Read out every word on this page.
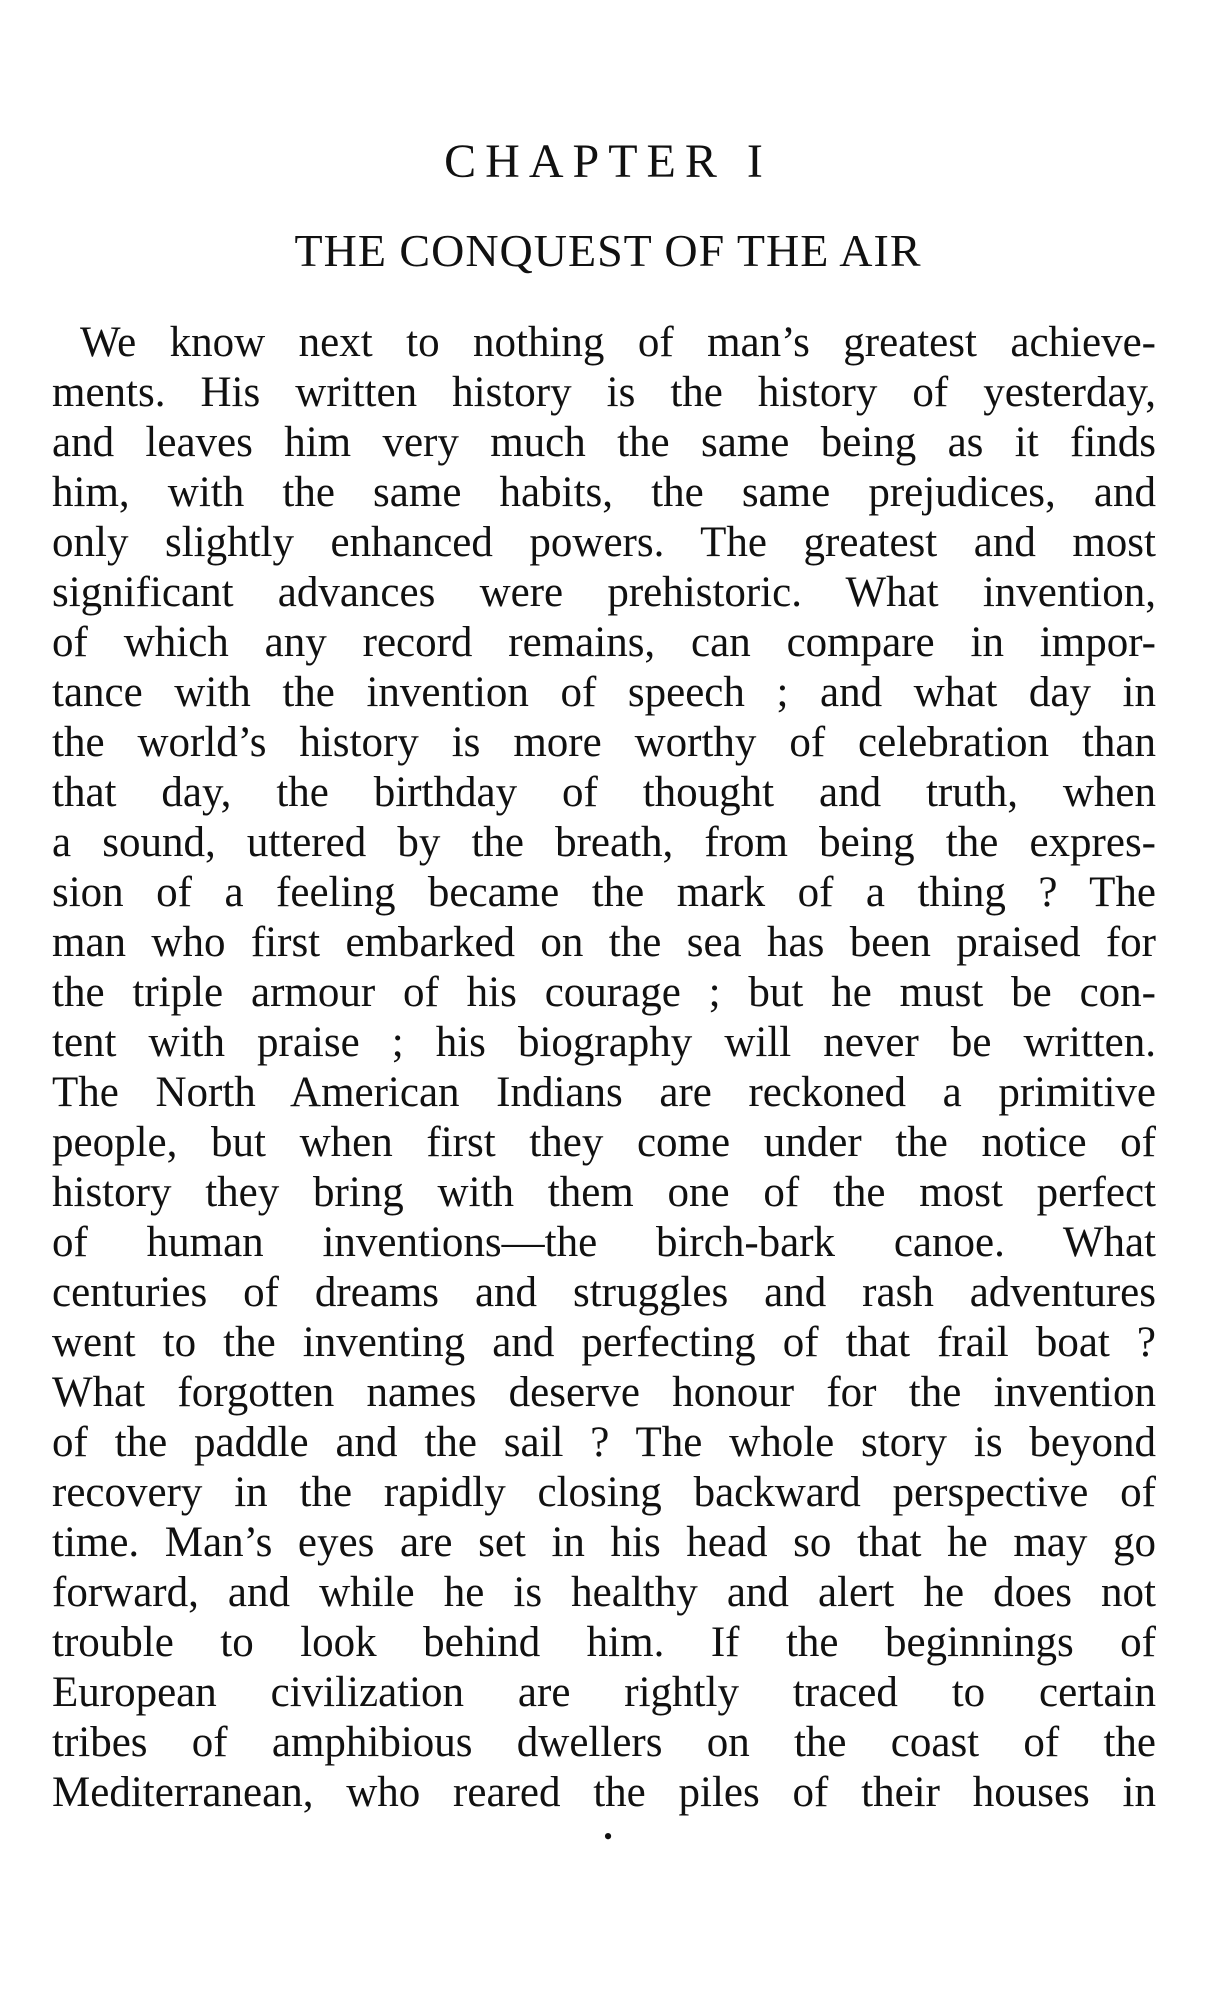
CHAPTER I
THE CONQUEST OF THE AIR
We know next to nothing of man’s greatest achieve-
ments. His written history is the history of yesterday,
and leaves him very much the same being as it finds
him, with the same habits, the same prejudices, and
only slightly enhanced powers. The greatest and most
significant advances were prehistoric. What invention,
of which any record remains, can compare in impor-
tance with the invention of speech ; and what day in
the world’s history is more worthy of celebration than
that day, the birthday of thought and truth, when
a sound, uttered by the breath, from being the expres-
sion of a feeling became the mark of a thing ? The
man who first embarked on the sea has been praised for
the triple armour of his courage ; but he must be con-
tent with praise ; his biography will never be written.
The North American Indians are reckoned a primitive
people, but when first they come under the notice of
history they bring with them one of the most perfect
of human inventions—the birch-bark canoe. What
centuries of dreams and struggles and rash adventures
went to the inventing and perfecting of that frail boat ?
What forgotten names deserve honour for the invention
of the paddle and the sail ? The whole story is beyond
recovery in the rapidly closing backward perspective of
time. Man’s eyes are set in his head so that he may go
forward, and while he is healthy and alert he does not
trouble to look behind him. If the beginnings of
European civilization are rightly traced to certain
tribes of amphibious dwellers on the coast of the
Mediterranean, who reared the piles of their houses in
•
